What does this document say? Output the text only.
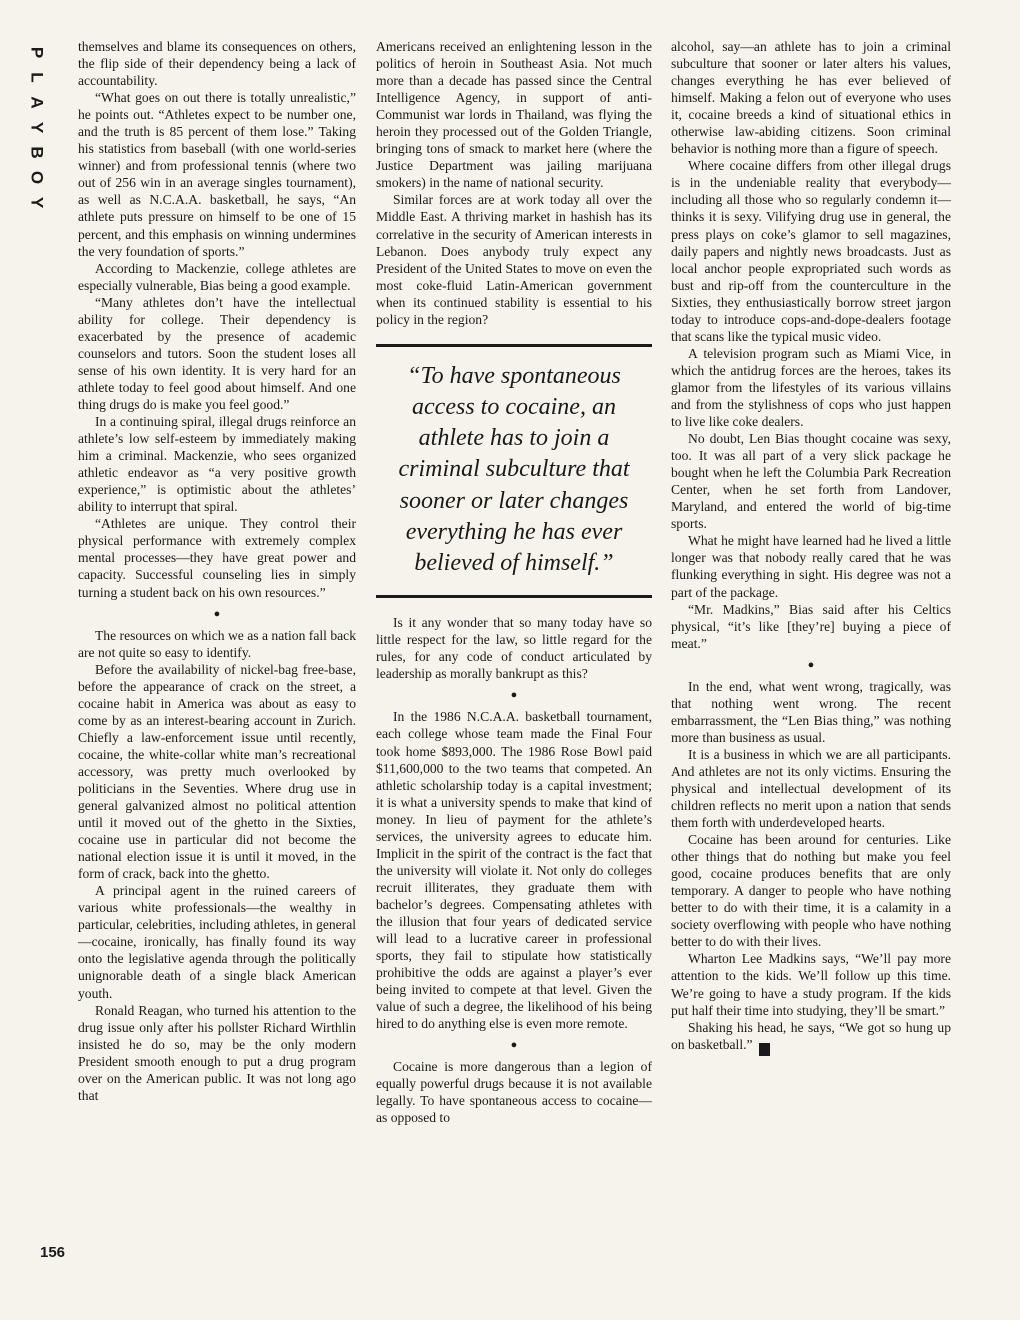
P
L
A
Y
B
O
Y
156

themselves and blame its consequences on others, the flip side of their dependency being a lack of accountability.

“What goes on out there is totally unrealistic,” he points out. “Athletes expect to be number one, and the truth is 85 percent of them lose.” Taking his statistics from baseball (with one world-series winner) and from professional tennis (where two out of 256 win in an average singles tournament), as well as N.C.A.A. basketball, he says, “An athlete puts pressure on himself to be one of 15 percent, and this emphasis on winning undermines the very foundation of sports.”

According to Mackenzie, college athletes are especially vulnerable, Bias being a good example.

“Many athletes don’t have the intellectual ability for college. Their dependency is exacerbated by the presence of academic counselors and tutors. Soon the student loses all sense of his own identity. It is very hard for an athlete today to feel good about himself. And one thing drugs do is make you feel good.”

In a continuing spiral, illegal drugs reinforce an athlete’s low self-esteem by immediately making him a criminal. Mackenzie, who sees organized athletic endeavor as “a very positive growth experience,” is optimistic about the athletes’ ability to interrupt that spiral.

“Athletes are unique. They control their physical performance with extremely complex mental processes—they have great power and capacity. Successful counseling lies in simply turning a student back on his own resources.”

●

The resources on which we as a nation fall back are not quite so easy to identify.

Before the availability of nickel-bag free-base, before the appearance of crack on the street, a cocaine habit in America was about as easy to come by as an interest-bearing account in Zurich. Chiefly a law-enforcement issue until recently, cocaine, the white-collar white man’s recreational accessory, was pretty much overlooked by politicians in the Seventies. Where drug use in general galvanized almost no political attention until it moved out of the ghetto in the Sixties, cocaine use in particular did not become the national election issue it is until it moved, in the form of crack, back into the ghetto.

A principal agent in the ruined careers of various white professionals—the wealthy in particular, celebrities, including athletes, in general—cocaine, ironically, has finally found its way onto the legislative agenda through the politically unignorable death of a single black American youth.

Ronald Reagan, who turned his attention to the drug issue only after his pollster Richard Wirthlin insisted he do so, may be the only modern President smooth enough to put a drug program over on the American public. It was not long ago that

Americans received an enlightening lesson in the politics of heroin in Southeast Asia. Not much more than a decade has passed since the Central Intelligence Agency, in support of anti-Communist war lords in Thailand, was flying the heroin they processed out of the Golden Triangle, bringing tons of smack to market here (where the Justice Department was jailing marijuana smokers) in the name of national security.

Similar forces are at work today all over the Middle East. A thriving market in hashish has its correlative in the security of American interests in Lebanon. Does anybody truly expect any President of the United States to move on even the most coke-fluid Latin-American government when its continued stability is essential to his policy in the region?

“To have spontaneous access to cocaine, an athlete has to join a criminal subculture that sooner or later changes everything he has ever believed of himself.”

Is it any wonder that so many today have so little respect for the law, so little regard for the rules, for any code of conduct articulated by leadership as morally bankrupt as this?

●

In the 1986 N.C.A.A. basketball tournament, each college whose team made the Final Four took home $893,000. The 1986 Rose Bowl paid $11,600,000 to the two teams that competed. An athletic scholarship today is a capital investment; it is what a university spends to make that kind of money. In lieu of payment for the athlete’s services, the university agrees to educate him. Implicit in the spirit of the contract is the fact that the university will violate it. Not only do colleges recruit illiterates, they graduate them with bachelor’s degrees. Compensating athletes with the illusion that four years of dedicated service will lead to a lucrative career in professional sports, they fail to stipulate how statistically prohibitive the odds are against a player’s ever being invited to compete at that level. Given the value of such a degree, the likelihood of his being hired to do anything else is even more remote.

●

Cocaine is more dangerous than a legion of equally powerful drugs because it is not available legally. To have spontaneous access to cocaine—as opposed to

alcohol, say—an athlete has to join a criminal subculture that sooner or later alters his values, changes everything he has ever believed of himself. Making a felon out of everyone who uses it, cocaine breeds a kind of situational ethics in otherwise law-abiding citizens. Soon criminal behavior is nothing more than a figure of speech.

Where cocaine differs from other illegal drugs is in the undeniable reality that everybody—including all those who so regularly condemn it—thinks it is sexy. Vilifying drug use in general, the press plays on coke’s glamor to sell magazines, daily papers and nightly news broadcasts. Just as local anchor people expropriated such words as bust and rip-off from the counterculture in the Sixties, they enthusiastically borrow street jargon today to introduce cops-and-dope-dealers footage that scans like the typical music video.

A television program such as Miami Vice, in which the antidrug forces are the heroes, takes its glamor from the lifestyles of its various villains and from the stylishness of cops who just happen to live like coke dealers.

No doubt, Len Bias thought cocaine was sexy, too. It was all part of a very slick package he bought when he left the Columbia Park Recreation Center, when he set forth from Landover, Maryland, and entered the world of big-time sports.

What he might have learned had he lived a little longer was that nobody really cared that he was flunking everything in sight. His degree was not a part of the package.

“Mr. Madkins,” Bias said after his Celtics physical, “it’s like [they’re] buying a piece of meat.”

●

In the end, what went wrong, tragically, was that nothing went wrong. The recent embarrassment, the “Len Bias thing,” was nothing more than business as usual.

It is a business in which we are all participants. And athletes are not its only victims. Ensuring the physical and intellectual development of its children reflects no merit upon a nation that sends them forth with underdeveloped hearts.

Cocaine has been around for centuries. Like other things that do nothing but make you feel good, cocaine produces benefits that are only temporary. A danger to people who have nothing better to do with their time, it is a calamity in a society overflowing with people who have nothing better to do with their lives.

Wharton Lee Madkins says, “We’ll pay more attention to the kids. We’ll follow up this time. We’re going to have a study program. If the kids put half their time into studying, they’ll be smart.”

Shaking his head, he says, “We got so hung up on basketball.”	♜
